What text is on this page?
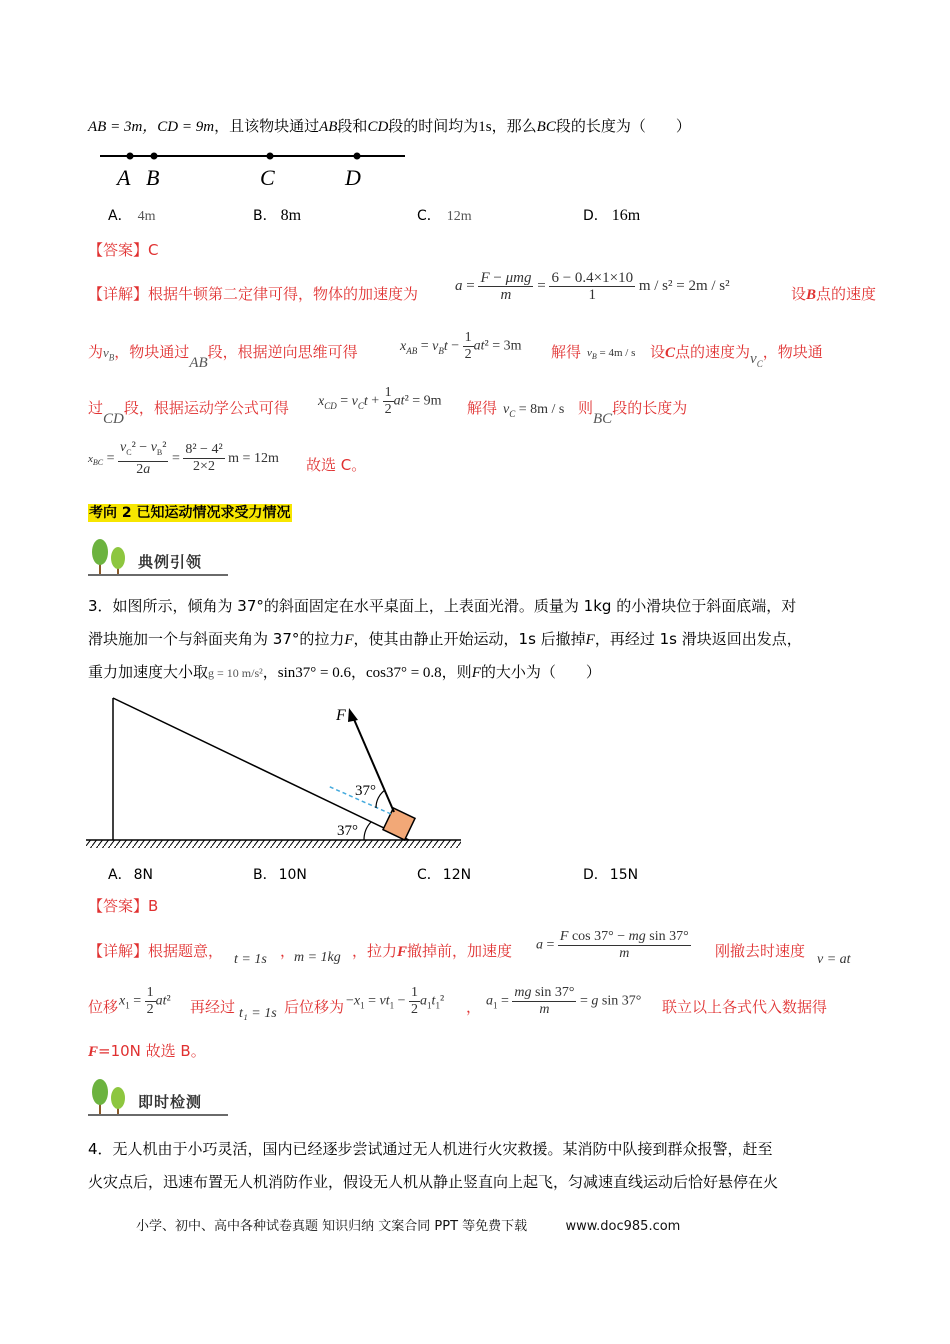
AB = 3m，CD = 9m，且该物块通过AB段和CD段的时间均为1s，那么BC段的长度为（　　）
A B	C	D
A． 4m	B． 8m	C． 12m	D． 16m
【答案】C
【详解】根据牛顿第二定律可得，物体的加速度为 $a = \frac{\text{F − μmg}}{m} = \frac{6 - 0.4\times 1\times 10}{1}$ m / s² = 2m / s²	设B点的速度
为$v_B$，物块通过AB段，根据逆向思维可得	$x_{AB} = v_Bt - \frac{1}{2} at^2 = 3m$ 解得 $v_B = 4m / s$ 设C点的速度为$v_C$，物块通
过CD段，根据运动学公式可得 $x_{CD} = v_Ct + \frac{1}{2} at^2 = 9m$ 解得 $v_C = 8m / s$ 则BC段的长度为
$x_{BC} = \frac{v_C^2 - v_B^2}{2a} = \frac{\text{8² − 4²}}{2\times 2}$ m = 12m 故选 C。
考向 2 已知运动情况求受力情况
典例引领
3．如图所示，倾角为 37°的斜面固定在水平桌面上，上表面光滑。质量为 1kg 的小滑块位于斜面底端，对
滑块施加一个与斜面夹角为 37°的拉力F，使其由静止开始运动，1s 后撤掉F，再经过 1s 滑块返回出发点，
重力加速度大小取g = 10 m/s²，sin37° = 0.6，cos37° = 0.8，则F的大小为（　　）
F
37°
37°
A． 8N	B． 10N	C． 12N	D． 15N
【答案】B
【详解】根据题意， t = 1s ，
m = 1kg ，拉力F撤掉前，加速度 $a = \frac{\text{F cos 37° − mg sin 37°}}{m}$ 刚撤去时速度 v = at
位移 $x_1 = \frac{1}{2} at^2$ 再经过 t₁ = 1s 后位移为 $-x_1 = vt_1 - \frac{1}{2} a_1t_1^2$ ， $a_1 = \frac{\text{mg sin 37°}}{m} = g$ sin 37° 联立以上各式代入数据得
F=10N 故选 B。
即时检测
4．无人机由于小巧灵活，国内已经逐步尝试通过无人机进行火灾救援。某消防中队接到群众报警，赶至
火灾点后，迅速布置无人机消防作业，假设无人机从静止竖直向上起飞，匀减速直线运动后恰好悬停在火
小学、初中、高中各种试卷真题 知识归纳 文案合同 PPT 等免费下载	www.doc985.com
